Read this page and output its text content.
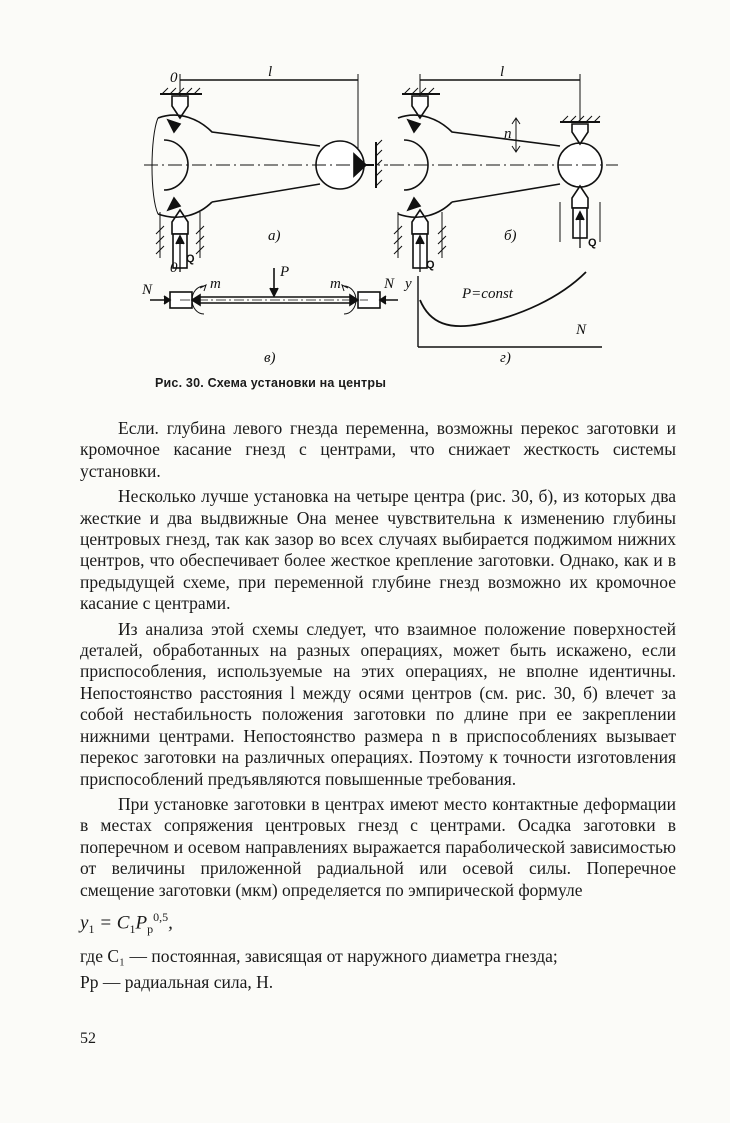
0	l
0
Q
а)
l
n
б)
Q
Q
N	m
P
m	N
в)
y
P=const
N
г)
Рис. 30. Схема установки на центры

Если. глубина левого гнезда переменна, возможны перекос заготовки и кромочное касание гнезд с центрами, что снижает жесткость системы установки.

Несколько лучше установка на четыре центра (рис. 30, б), из которых два жесткие и два выдвижные Она менее чувствительна к изменению глубины центровых гнезд, так как зазор во всех случаях выбирается поджимом нижних центров, что обеспечивает более жесткое крепление заготовки. Однако, как и в предыдущей схеме, при переменной глубине гнезд возможно их кромочное касание с центрами.

Из анализа этой схемы следует, что взаимное положение поверхностей деталей, обработанных на разных операциях, может быть искажено, если приспособления, используемые на этих операциях, не вполне идентичны. Непостоянство расстояния l между осями центров (см. рис. 30, б) влечет за собой нестабильность положения заготовки по длине при ее закреплении нижними центрами. Непостоянство размера n в приспособлениях вызывает перекос заготовки на различных операциях. Поэтому к точности изготовления приспособлений предъявляются повышенные требования.

При установке заготовки в центрах имеют место контактные деформации в местах сопряжения центровых гнезд с центрами. Осадка заготовки в поперечном и осевом направлениях выражается параболической зависимостью от величины приложенной радиальной или осевой силы. Поперечное смещение заготовки (мкм) определяется по эмпирической формуле

$y_1 = C_1P_р^{0,5}$,

где C₁ — постоянная, зависящая от наружного диаметра гнезда;

Pр — радиальная сила, Н.

52
